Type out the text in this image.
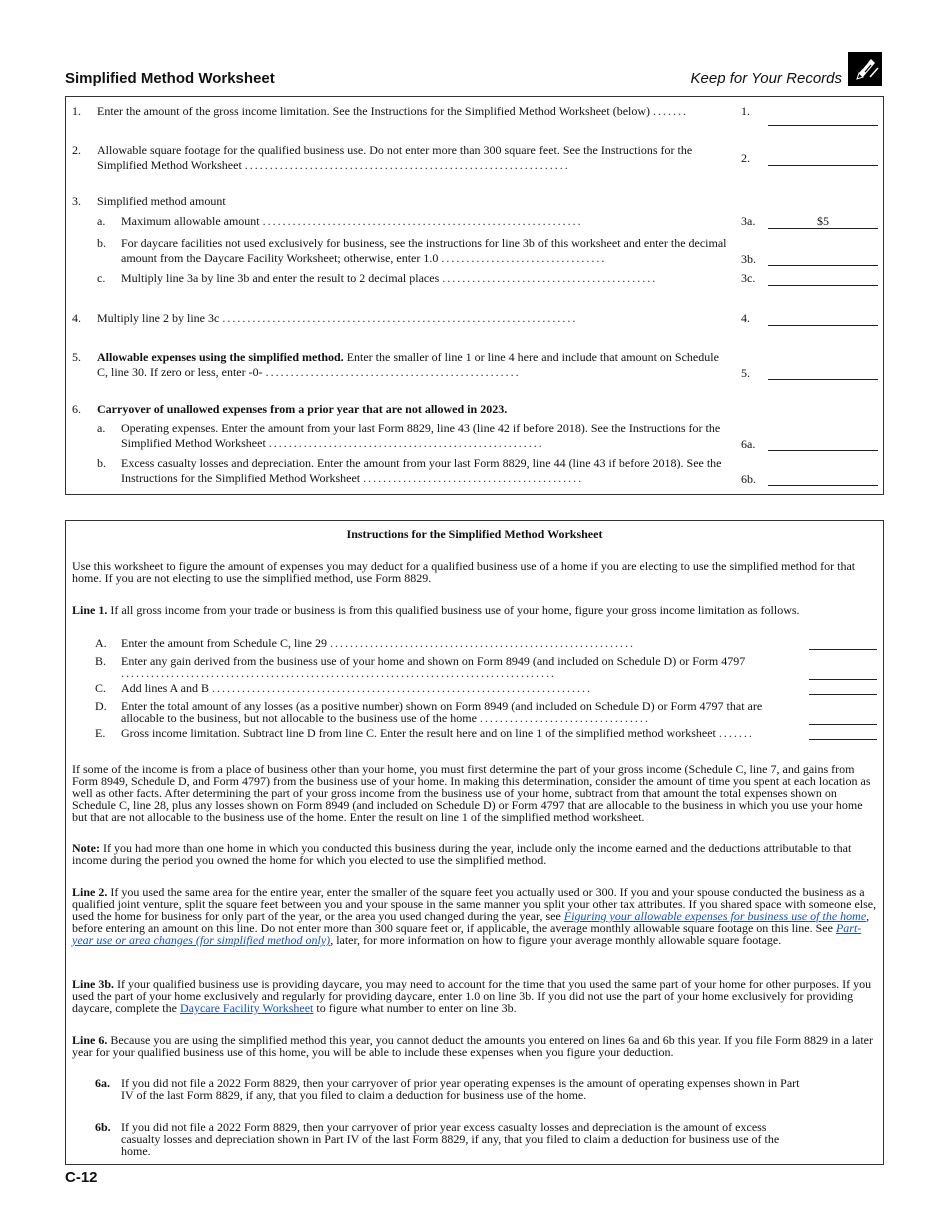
Simplified Method Worksheet	Keep for Your Records
1. Enter the amount of the gross income limitation. See the Instructions for the Simplified Method Worksheet (below) .......	1.
2. Allowable square footage for the qualified business use. Do not enter more than 300 square feet. See the Instructions for the Simplified Method Worksheet .................................................................	2.
3. Simplified method amount
a. Maximum allowable amount ................................................................	3a.	$5
b. For daycare facilities not used exclusively for business, see the instructions for line 3b of this worksheet and enter the decimal amount from the Daycare Facility Worksheet; otherwise, enter 1.0 .................................	3b.
c. Multiply line 3a by line 3b and enter the result to 2 decimal places ...........................................	3c.
4. Multiply line 2 by line 3c .......................................................................	4.
5. Allowable expenses using the simplified method. Enter the smaller of line 1 or line 4 here and include that amount on Schedule C, line 30. If zero or less, enter -0- ...................................................	5.
6. Carryover of unallowed expenses from a prior year that are not allowed in 2023.
a. Operating expenses. Enter the amount from your last Form 8829, line 43 (line 42 if before 2018). See the Instructions for the Simplified Method Worksheet .......................................................	6a.
b. Excess casualty losses and depreciation. Enter the amount from your last Form 8829, line 44 (line 43 if before 2018). See the Instructions for the Simplified Method Worksheet ............................................	6b.
Instructions for the Simplified Method Worksheet
Use this worksheet to figure the amount of expenses you may deduct for a qualified business use of a home if you are electing to use the simplified method for that home. If you are not electing to use the simplified method, use Form 8829.
Line 1. If all gross income from your trade or business is from this qualified business use of your home, figure your gross income limitation as follows.
A. Enter the amount from Schedule C, line 29 .............................................................
B. Enter any gain derived from the business use of your home and shown on Form 8949 (and included on Schedule D) or Form 4797 .......................................................................................
C. Add lines A and B ............................................................................
D. Enter the total amount of any losses (as a positive number) shown on Form 8949 (and included on Schedule D) or Form 4797 that are allocable to the business, but not allocable to the business use of the home ..................................
E. Gross income limitation. Subtract line D from line C. Enter the result here and on line 1 of the simplified method worksheet .......
If some of the income is from a place of business other than your home, you must first determine the part of your gross income (Schedule C, line 7, and gains from Form 8949, Schedule D, and Form 4797) from the business use of your home. In making this determination, consider the amount of time you spent at each location as well as other facts. After determining the part of your gross income from the business use of your home, subtract from that amount the total expenses shown on Schedule C, line 28, plus any losses shown on Form 8949 (and included on Schedule D) or Form 4797 that are allocable to the business in which you use your home but that are not allocable to the business use of the home. Enter the result on line 1 of the simplified method worksheet.
Note: If you had more than one home in which you conducted this business during the year, include only the income earned and the deductions attributable to that income during the period you owned the home for which you elected to use the simplified method.
Line 2. If you used the same area for the entire year, enter the smaller of the square feet you actually used or 300. If you and your spouse conducted the business as a qualified joint venture, split the square feet between you and your spouse in the same manner you split your other tax attributes. If you shared space with someone else, used the home for business for only part of the year, or the area you used changed during the year, see Figuring your allowable expenses for business use of the home, before entering an amount on this line. Do not enter more than 300 square feet or, if applicable, the average monthly allowable square footage on this line. See Part-year use or area changes (for simplified method only), later, for more information on how to figure your average monthly allowable square footage.
Line 3b. If your qualified business use is providing daycare, you may need to account for the time that you used the same part of your home for other purposes. If you used the part of your home exclusively and regularly for providing daycare, enter 1.0 on line 3b. If you did not use the part of your home exclusively for providing daycare, complete the Daycare Facility Worksheet to figure what number to enter on line 3b.
Line 6. Because you are using the simplified method this year, you cannot deduct the amounts you entered on lines 6a and 6b this year. If you file Form 8829 in a later year for your qualified business use of this home, you will be able to include these expenses when you figure your deduction.
6a. If you did not file a 2022 Form 8829, then your carryover of prior year operating expenses is the amount of operating expenses shown in Part IV of the last Form 8829, if any, that you filed to claim a deduction for business use of the home.
6b. If you did not file a 2022 Form 8829, then your carryover of prior year excess casualty losses and depreciation is the amount of excess casualty losses and depreciation shown in Part IV of the last Form 8829, if any, that you filed to claim a deduction for business use of the home.
C-12
